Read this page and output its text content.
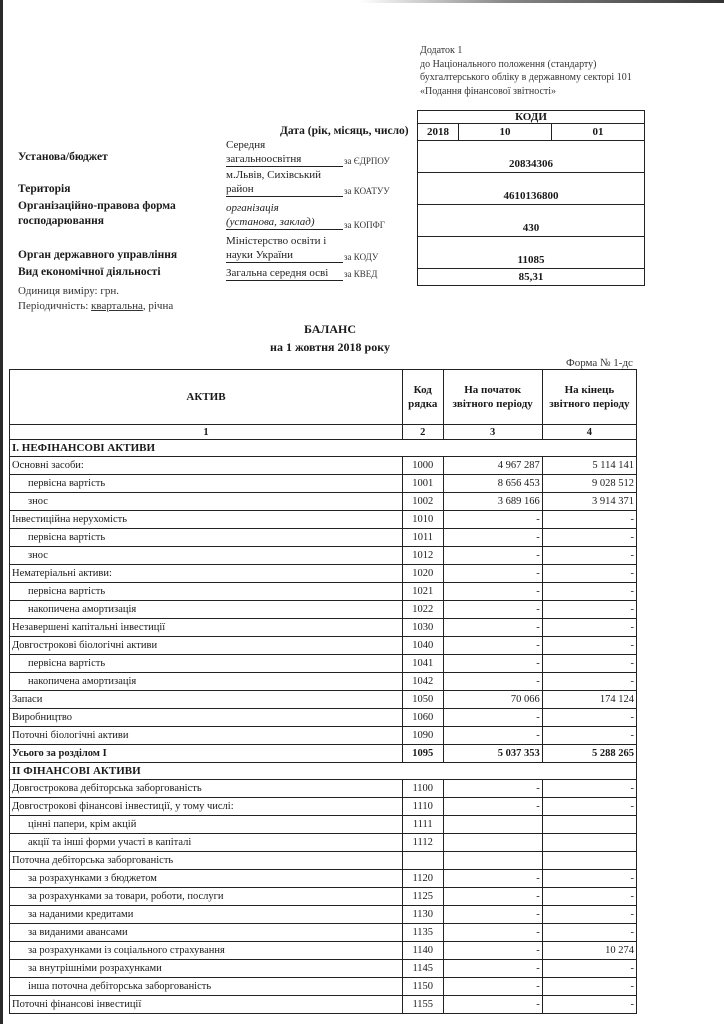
Додаток 1
до Національного положення (стандарту)
бухгалтерського обліку в державному секторі 101
«Подання фінансової звітності»
Дата (рік, місяць, число)
КОДИ
2018	10	01
20834306
4610136800
430
11085
85,31
Установа/бюджет
Територія
Організаційно-правова форма
господарювання
Орган державного управління
Вид економічної діяльності
Одиниця виміру: грн.
Періодичність: квартальна, річна
Середня
загальноосвітня	за ЄДРПОУ
м.Львів, Сихівський
район	за КОАТУУ
організація
(установа, заклад)	за КОПФГ
Міністерство освіти і
науки України	за КОДУ
Загальна середня осві	за КВЕД
БАЛАНС
на 1 жовтня 2018 року
Форма № 1-дс
АКТИВ	Код рядка	На початок звітного періоду	На кінець звітного періоду
1	2	3	4
І. НЕФІНАНСОВІ АКТИВИ			
Основні засоби:	1000	4 967 287	5 114 141
первісна вартість	1001	8 656 453	9 028 512
знос	1002	3 689 166	3 914 371
Інвестиційна нерухомість	1010	-	-
первісна вартість	1011	-	-
знос	1012	-	-
Нематеріальні активи:	1020	-	-
первісна вартість	1021	-	-
накопичена амортизація	1022	-	-
Незавершені капітальні інвестиції	1030	-	-
Довгострокові біологічні активи	1040	-	-
первісна вартість	1041	-	-
накопичена амортизація	1042	-	-
Запаси	1050	70 066	174 124
Виробництво	1060	-	-
Поточні біологічні активи	1090	-	-
Усього за розділом І	1095	5 037 353	5 288 265
ІІ ФІНАНСОВІ АКТИВИ			
Довгострокова дебіторська заборгованість	1100	-	-
Довгострокові фінансові інвестиції, у тому числі:	1110	-	-
цінні папери, крім акцій	1111		
акції та інші форми участі в капіталі	1112		
Поточна дебіторська заборгованість			
за розрахунками з бюджетом	1120	-	-
за розрахунками за товари, роботи, послуги	1125	-	-
за наданими кредитами	1130	-	-
за виданими авансами	1135	-	-
за розрахунками із соціального страхування	1140	-	10 274
за внутрішніми розрахунками	1145	-	-
інша поточна дебіторська заборгованість	1150	-	-
Поточні фінансові інвестиції	1155	-	-
